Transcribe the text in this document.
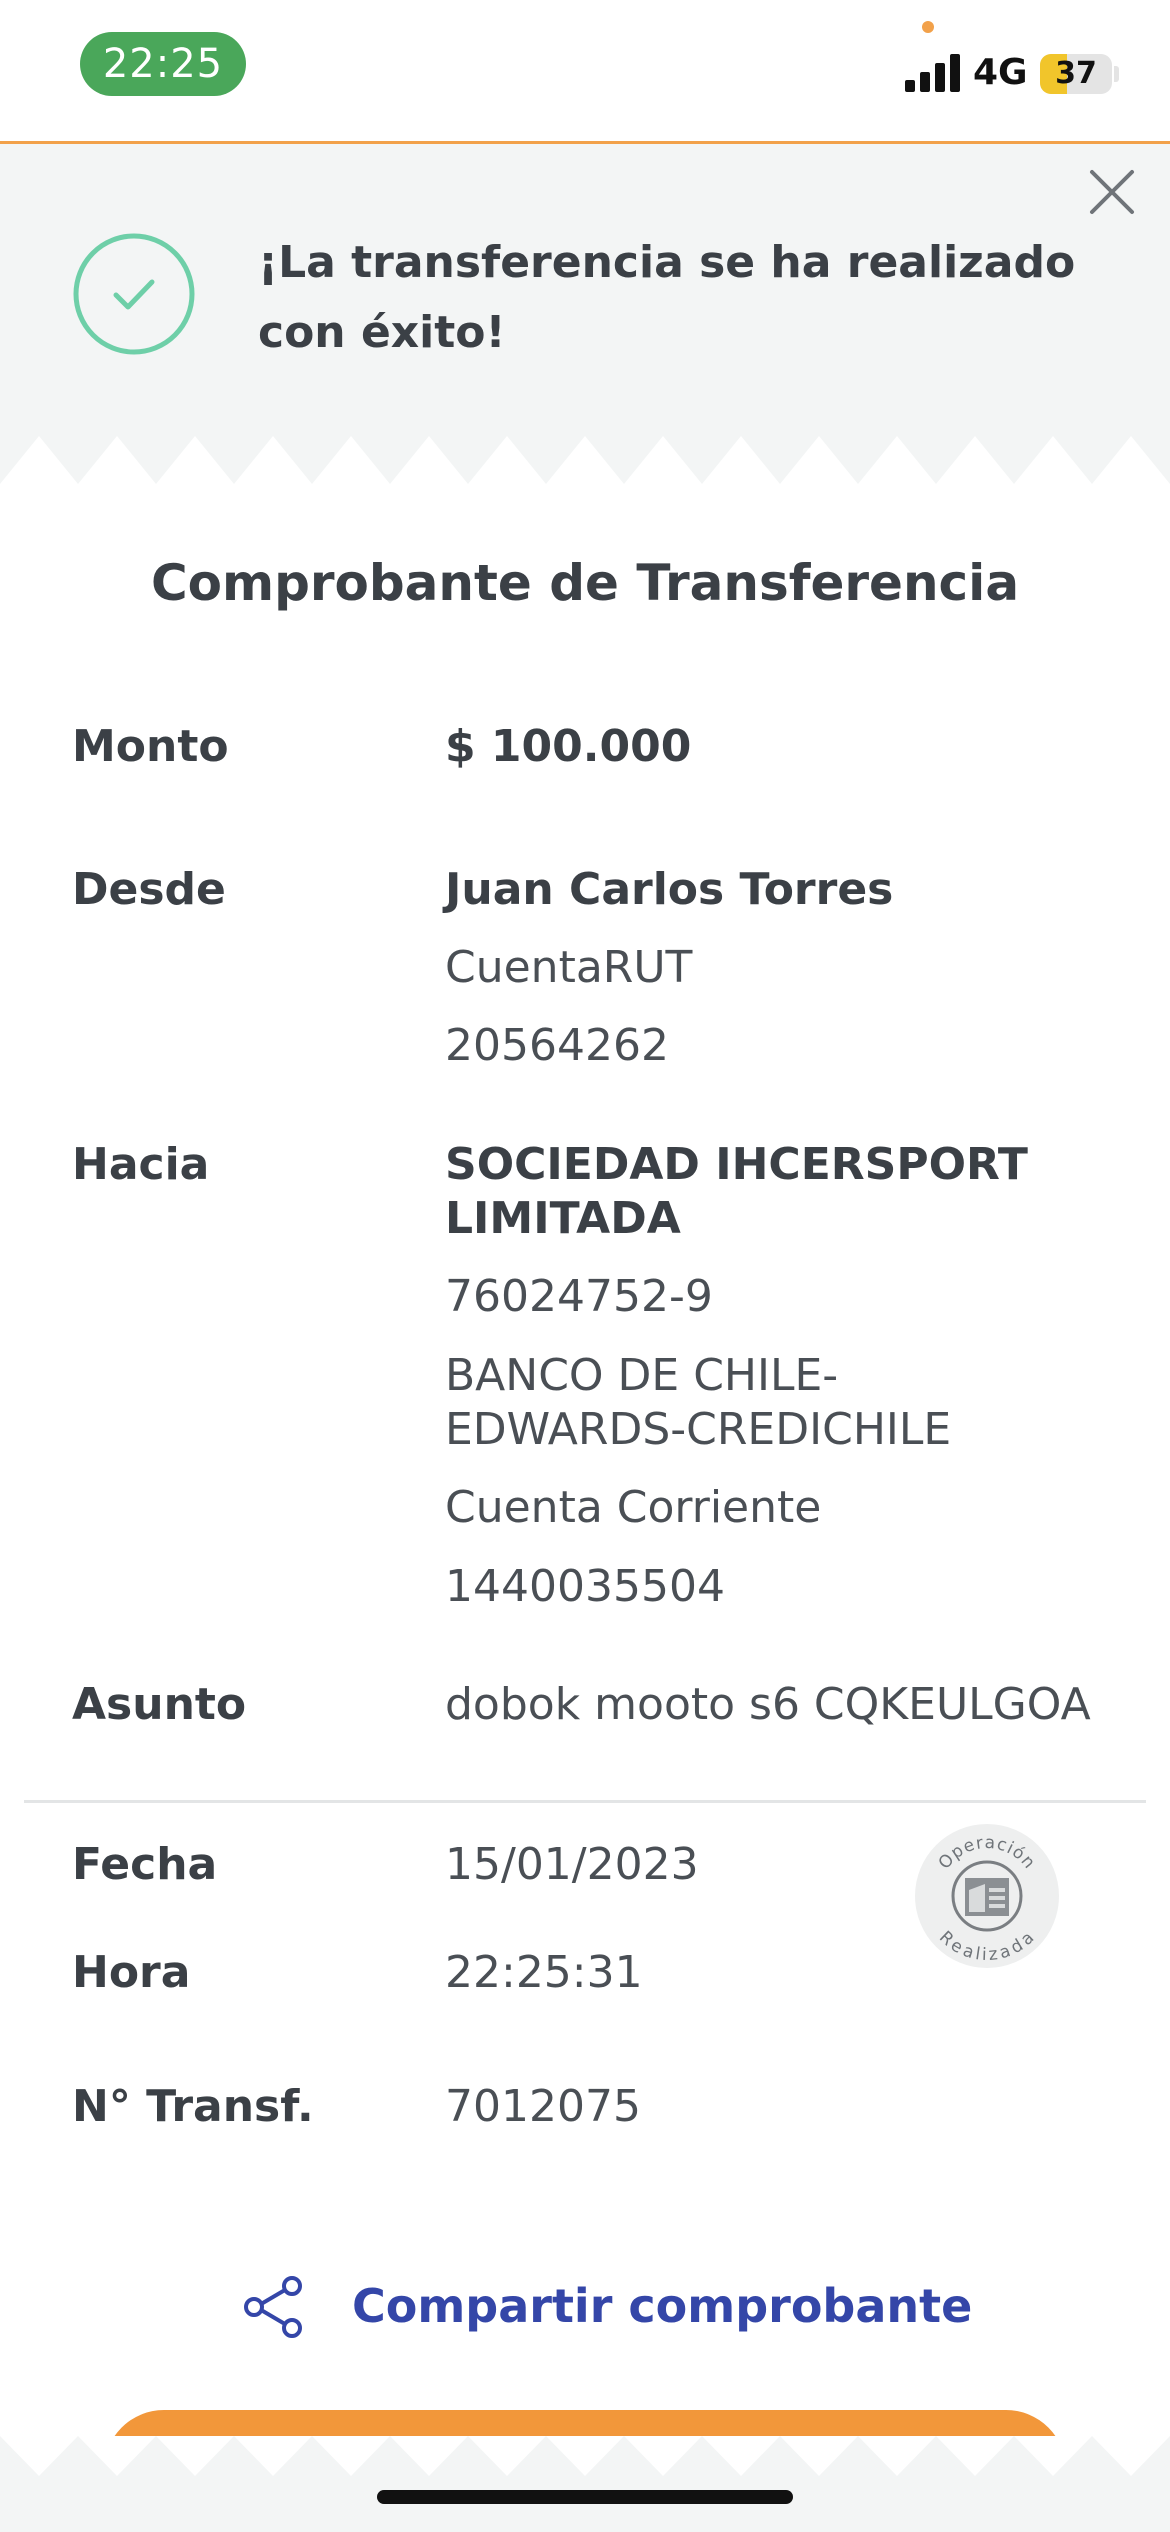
22:25	4G 37
¡La transferencia se ha realizado con éxito!
Comprobante de Transferencia
Monto	$ 100.000
Desde	Juan Carlos Torres
CuentaRUT
20564262
Hacia	SOCIEDAD IHCERSPORT LIMITADA
76024752-9
BANCO DE CHILE-EDWARDS-CREDICHILE
Cuenta Corriente
1440035504
Asunto	dobok mooto s6 CQKEULGOA
Fecha	15/01/2023
Hora	22:25:31
N° Transf.	7012075
Operación
Realizada
Compartir comprobante
